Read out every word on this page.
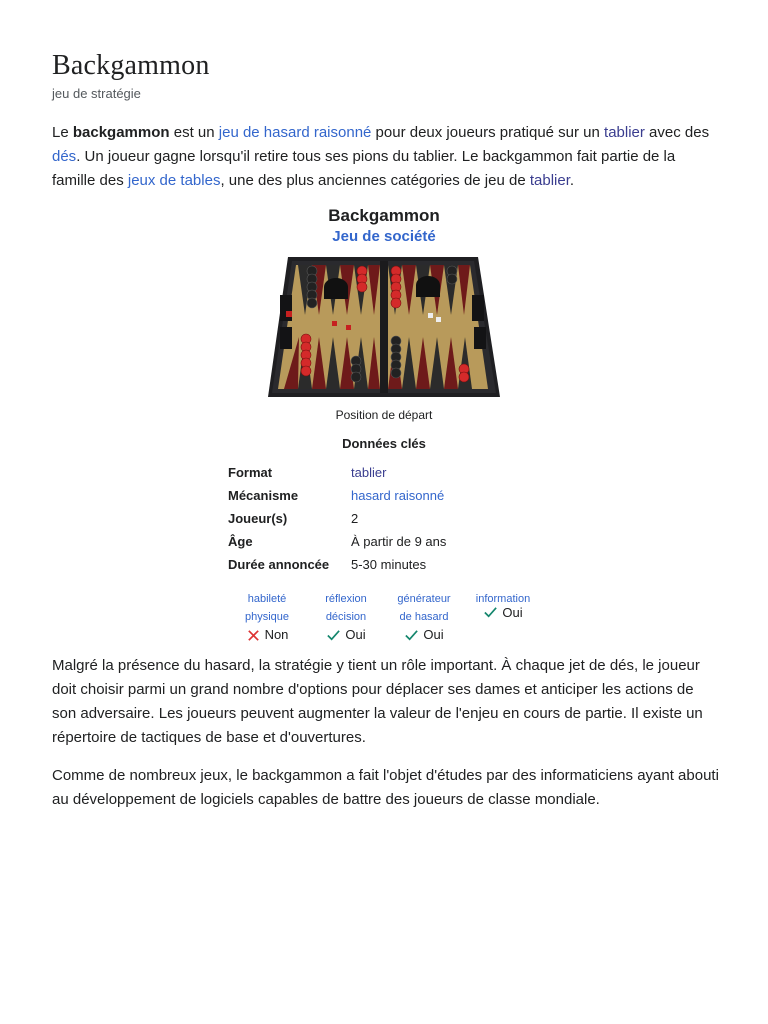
Backgammon
jeu de stratégie

Le backgammon est un jeu de hasard raisonné pour deux joueurs pratiqué sur un tablier avec des dés. Un joueur gagne lorsqu'il retire tous ses pions du tablier. Le backgammon fait partie de la famille des jeux de tables, une des plus anciennes catégories de jeu de tablier.

Backgammon
Jeu de société
Position de départ
Données clés
Format	tablier
Mécanisme	hasard raisonné
Joueur(s)	2
Âge	À partir de 9 ans
Durée annoncée	5-30 minutes
habileté
physique

Non
réflexion
décision

Oui
générateur
de hasard

Oui
information

Oui

Malgré la présence du hasard, la stratégie y tient un rôle important. À chaque jet de dés, le joueur doit choisir parmi un grand nombre d'options pour déplacer ses dames et anticiper les actions de son adversaire. Les joueurs peuvent augmenter la valeur de l'enjeu en cours de partie. Il existe un répertoire de tactiques de base et d'ouvertures.

Comme de nombreux jeux, le backgammon a fait l'objet d'études par des informaticiens ayant abouti au développement de logiciels capables de battre des joueurs de classe mondiale.
